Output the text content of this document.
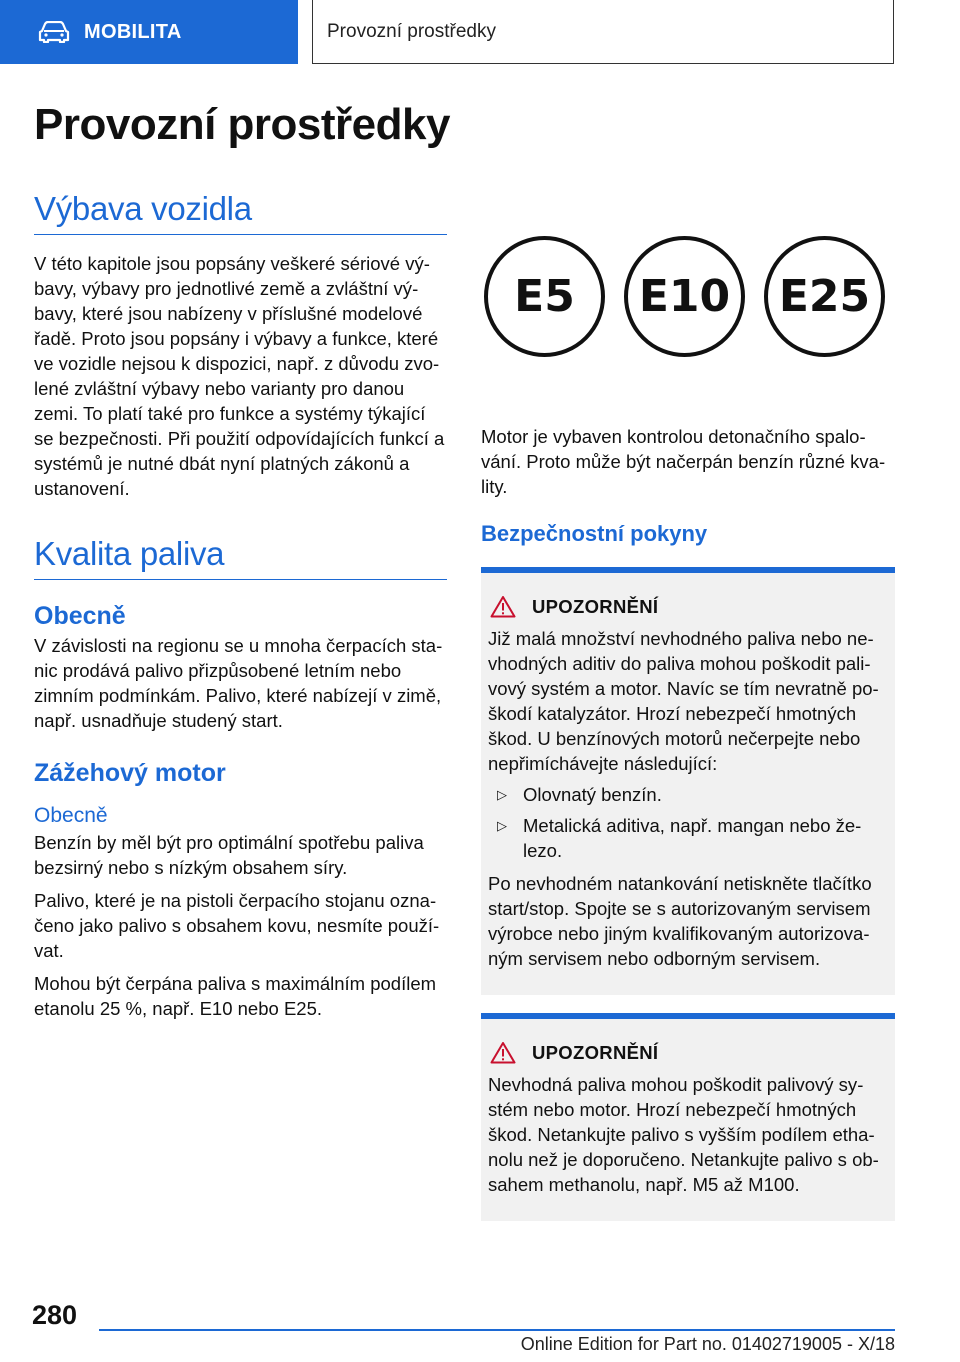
MOBILITA	Provozní prostředky
Provozní prostředky
Výbava vozidla

V této kapitole jsou popsány veškeré sériové výbavy, výbavy pro jednotlivé země a zvláštní výbavy, které jsou nabízeny v příslušné modelové řadě. Proto jsou popsány i výbavy a funkce, které ve vozidle nejsou k dispozici, např. z důvodu zvolené zvláštní výbavy nebo varianty pro danou zemi. To platí také pro funkce a systémy týkající se bezpečnosti. Při použití odpovídajících funkcí a systémů je nutné dbát nyní platných zákonů a ustanovení.

Kvalita paliva
Obecně

V závislosti na regionu se u mnoha čerpacích stanic prodává palivo přizpůsobené letním nebo zimním podmínkám. Palivo, které nabízejí v zimě, např. usnadňuje studený start.

Zážehový motor
Obecně

Benzín by měl být pro optimální spotřebu paliva bezsirný nebo s nízkým obsahem síry.

Palivo, které je na pistoli čerpacího stojanu označeno jako palivo s obsahem kovu, nesmíte používat.

Mohou být čerpána paliva s maximálním podílem etanolu 25 %, např. E10 nebo E25.

E5	E10	E25

Motor je vybaven kontrolou detonačního spalování. Proto může být načerpán benzín různé kvality.

Bezpečnostní pokyny
UPOZORNĚNÍ

Již malá množství nevhodného paliva nebo nevhodných aditiv do paliva mohou poškodit palivový systém a motor. Navíc se tím nevratně poškodí katalyzátor. Hrozí nebezpečí hmotných škod. U benzínových motorů nečerpejte nebo nepřimíchávejte následující:

▷ Olovnatý benzín.

▷ Metalická aditiva, např. mangan nebo železo.

Po nevhodném natankování netiskněte tlačítko start/stop. Spojte se s autorizovaným servisem výrobce nebo jiným kvalifikovaným autorizovaným servisem nebo odborným servisem.

UPOZORNĚNÍ

Nevhodná paliva mohou poškodit palivový systém nebo motor. Hrozí nebezpečí hmotných škod. Netankujte palivo s vyšším podílem ethanolu než je doporučeno. Netankujte palivo s obsahem methanolu, např. M5 až M100.

280
Online Edition for Part no. 01402719005 - X/18
